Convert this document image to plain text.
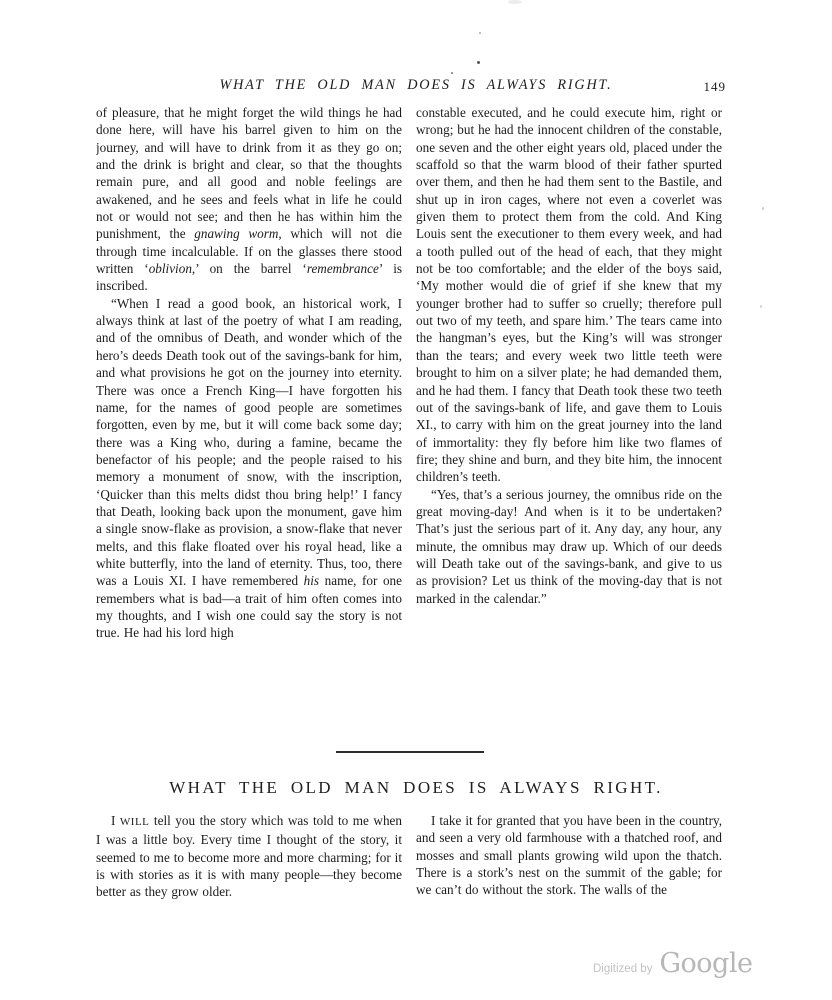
WHAT THE OLD MAN DOES IS ALWAYS RIGHT.	149

of pleasure, that he might forget the wild things he had done here, will have his barrel given to him on the journey, and will have to drink from it as they go on; and the drink is bright and clear, so that the thoughts remain pure, and all good and noble feelings are awakened, and he sees and feels what in life he could not or would not see; and then he has within him the punishment, the gnawing worm, which will not die through time incalculable. If on the glasses there stood written ‘oblivion,’ on the barrel ‘remembrance’ is inscribed.

“When I read a good book, an historical work, I always think at last of the poetry of what I am reading, and of the omnibus of Death, and wonder which of the hero’s deeds Death took out of the savings-bank for him, and what provisions he got on the journey into eternity. There was once a French King—I have forgotten his name, for the names of good people are sometimes forgotten, even by me, but it will come back some day; there was a King who, during a famine, became the benefactor of his people; and the people raised to his memory a monument of snow, with the inscription, ‘Quicker than this melts didst thou bring help!’ I fancy that Death, looking back upon the monument, gave him a single snow-flake as provision, a snow-flake that never melts, and this flake floated over his royal head, like a white butterfly, into the land of eternity. Thus, too, there was a Louis XI. I have remembered his name, for one remembers what is bad—a trait of him often comes into my thoughts, and I wish one could say the story is not true. He had his lord high

constable executed, and he could execute him, right or wrong; but he had the innocent children of the constable, one seven and the other eight years old, placed under the scaffold so that the warm blood of their father spurted over them, and then he had them sent to the Bastile, and shut up in iron cages, where not even a coverlet was given them to protect them from the cold. And King Louis sent the executioner to them every week, and had a tooth pulled out of the head of each, that they might not be too comfortable; and the elder of the boys said, ‘My mother would die of grief if she knew that my younger brother had to suffer so cruelly; therefore pull out two of my teeth, and spare him.’ The tears came into the hangman’s eyes, but the King’s will was stronger than the tears; and every week two little teeth were brought to him on a silver plate; he had demanded them, and he had them. I fancy that Death took these two teeth out of the savings-bank of life, and gave them to Louis XI., to carry with him on the great journey into the land of immortality: they fly before him like two flames of fire; they shine and burn, and they bite him, the innocent children’s teeth.

“Yes, that’s a serious journey, the omnibus ride on the great moving-day! And when is it to be undertaken? That’s just the serious part of it. Any day, any hour, any minute, the omnibus may draw up. Which of our deeds will Death take out of the savings-bank, and give to us as provision? Let us think of the moving-day that is not marked in the calendar.”

WHAT THE OLD MAN DOES IS ALWAYS RIGHT.

I WILL tell you the story which was told to me when I was a little boy. Every time I thought of the story, it seemed to me to become more and more charming; for it is with stories as it is with many people—they become better as they grow older.

I take it for granted that you have been in the country, and seen a very old farmhouse with a thatched roof, and mosses and small plants growing wild upon the thatch. There is a stork’s nest on the summit of the gable; for we can’t do without the stork. The walls of the

Digitized by Google
